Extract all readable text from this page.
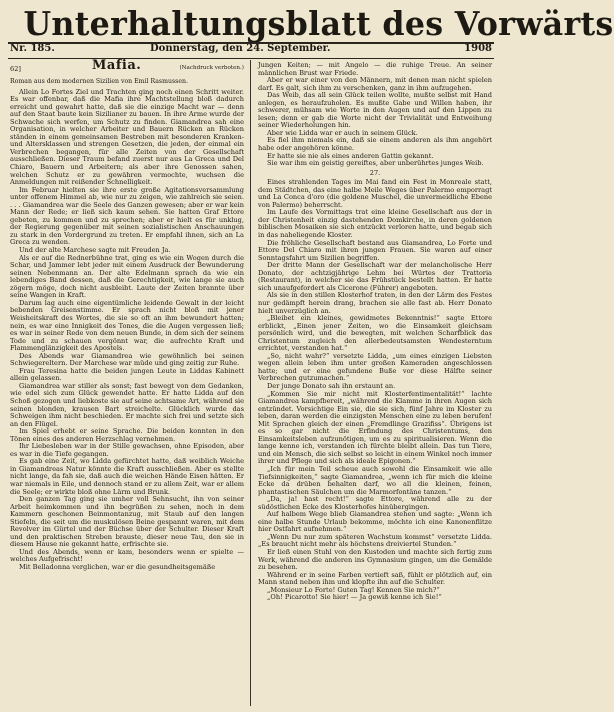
Unterhaltungsblatt des Vorwärts
Nr. 185.	Donnerstag, den 24. September.	1908
62]	Mafia.	(Nachdruck verboten.)
Roman aus dem modernen Sizilien von Emil Rasmussen.

Allein Lo Fortes Ziel und Trachten ging noch einen Schritt weiter. Es war offenbar, daß die Mafia ihre Machtstellung bloß dadurch erreicht und gewahrt hatte, daß sie die einzige Macht war — denn auf den Staat baute kein Sizilianer zu bauen. In ihre Arme wurde der Schwache sich werfen, um Schutz zu finden. Giamandrea sah eine Organisation, in welcher Arbeiter und Bauern Rücken an Rücken ständen in einem gemeinsamen Bestreben mit besonderen Kranken- und Altersklassen und strengen Gesetzen, die jeden, der einmal ein Verbrechen begangen, für alle Zeiten von der Gesellschaft ausschließen. Dieser Traum befand zuerst nur aus La Greca und Del Chiaro, Bauern und Arbeitern; als aber ihre Genossen sahen, welchen Schutz er zu gewähren vermochte, wuchsen die Anmeldungen mit reißender Schnelligkeit.

Im Februar hielten sie ihre erste große Agitationsversammlung unter offenem Himmel ab, wie nur zu zeigen, wie zahlreich sie seien. . . . Giamandrea war die Seele des Ganzen gewesen; aber er war kein Mann der Rede; er ließ sich kaum sehen. Sie hatten Graf Ettore gebeten, zu kommen und zu sprechen; aber er hielt es für unklug, der Regierung gegenüber mit seinen sozialistischen Anschauungen zu stark in den Vordergrund zu treten. Er empfahl ihnen, sich an La Greca zu wenden.

Und der alte Marchese sagte mit Freuden Ja.

Als er auf die Rednerbühne trat, ging es wie ein Wogen durch die Schar, und Jammer lebt jeder mit einem Ausdruck der Bewunderung seinen Nebenmann an. Der alte Edelmann sprach da wie ein lebendiges Band dessen, daß die Gerechtigkeit, wie lange sie auch zögern möge, doch nicht ausbleibt. Laute der Zeiten brannte über seine Wangen in Kraft.

Darum lag auch eine eigentümliche leidende Gewalt in der leicht bebenden Greisenstimme. Er sprach nicht bloß mit jener Weisheitskraft des Wortes, die sie so oft an ihm bewundert hatten; nein, es war eine Innigkeit des Tones, die die Augen vergessen ließ; es war in seiner Rede von dem neuen Bunde, in dem sich der seinem Tode und zu schauen vergönnt war, die aufrechte Kraft und Flammenglänzigkeit des Apostels.

Des Abends war Giamandrea wie gewöhnlich bei seinen Schwiegereltern. Der Marchese war müde und ging zeitig zur Ruhe.

Frau Teresina hatte die beiden jungen Leute in Liddas Kabinett allein gelassen.

Giamandrea war stiller als sonst; fast bewegt von dem Gedanken, wie edel sich zum Glück gewendet hatte. Er hatte Lidda auf den Schoß gezogen und liebkoste sie auf seine achtsame Art, während sie seinen blonden, krausen Bart streichelte. Glücklich wurde das Schweigen ihm nicht beschieden. Er machte sich frei und setzte sich an den Flügel.

Im Spiel erhebt er seine Sprache. Die beiden konnten in den Tönen eines des anderen Herzschlag vernehmen.

Ihr Liebesleben war in der Stille gewachsen, ohne Episoden, aber es war in die Tiefe gegangen.

Es gab eine Zeit, wo Lidda gefürchtet hatte, daß weiblich Weiche in Giamandreas Natur könnte die Kraft ausschließen. Aber es stellte nicht lange, da fah sie, daß auch die weichen Hände Eisen hätten. Er war niemals in Eile, und dennoch stand er zu allem Zeit, war er allem die Seele; er wirkte bloß ohne Lärm und Brunk.

Den ganzen Tag ging sie umher voll Sehnsucht, ihn von seiner Arbeit heimkommen und ihn begrüßen zu sehen, noch in dem Kammern geschonen Beinmontanzug, mit Staub auf den langen Stiefeln, die seit um die muskulösen Beine gespannt waren, mit dem Revolver im Gürtel und der Büchse über der Schulter. Dieser Kraft und den praktischen Streben brauste, dieser neue Tau, den sie in diesem Hause nie gekannt hatte, erfrischte sie.

Und des Abends, wenn er kam, besonders wenn er spielte — welches Aufgefrischt!

Mit Belladonna verglichen, war er die gesundheitsgemäße

Jungen Keiten; — mit Angelo — die ruhige Treue. An seiner männlichen Brust war Friede.

Aber er war einer von den Männern, mit denen man nicht spielen darf. Es galt, sich ihm zu verschenken, ganz in ihm aufzugehen.

Das Weib, das all sein Glück teilen wollte, mußte selbst mit Hand anlegen, es heraufzuholen. Es mußte Gabe und Willen haben, ihr schwerer, mühsam wie Worte in den Augen und auf den Lippen zu lesen; denn er gab die Worte nicht der Trivialität und Entweihung seiner Wiederholungen hin.

Aber wie Lidda war er auch in seinem Glück.

Es fiel ihm niemals ein, daß sie einem anderen als ihm angehört habe oder angehören könne.

Er hatte sie nie als eines anderen Gattin gekannt.

Sie war ihm ein geistig gereiftes, aber unberührtes junges Weib.

27.

Eines strahlenden Tages im Mai fand ein Fest in Monreale statt, dem Städtchen, das eine halbe Meile Weges über Palermo emporragt und La Conca d'oro (die goldene Muschel, die unvermeidliche Ebene von Palermo) beherrscht.

Im Laufe des Vormittags trat eine kleine Gesellschaft aus der in der Christenheit einzig dastehenden Domkirche, in deren goldenen biblischen Mosaiken sie sich entzückt verloren hatte, und begab sich in das naheliegende Kloster.

Die fröhliche Gesellschaft bestand aus Giamandrea, Lo Forte und Ettore Del Chiaro mit ihren jungen Frauen. Sie waren auf einer Sonntagsfahrt um Sizilien begriffen.

Der dritte Mann der Gesellschaft war der melancholische Herr Donato, der achtzigjährige Lehm bei Würtes der Trattoria (Restaurant), in welcher sie das Frühstück bestellt hatten. Er hatte sich unaufgefordert als Cicerone (Führer) angeboten.

Als sie in den stillen Klosterhof traten, in den der Lärm des Festes nur gedämpft herein drang, brachen sie alle fast ab. Herr Donato hielt unverzüglich an.

„Bleibet ein kleines, gewidmetes Bekenntnis!“ sagte Ettore erblickt, „Einen jener Zeiten, wo die Einsamkeit gleichsam persönlich wird, und die bewegten, mit welchen Scharfblick das Christentum zugleich den allerbedeutsamsten Wendesterntum errichtet, verstanden hat.“

„So, nicht wahr?“ versetzte Lidda, „um eines einzigen Liebsten wegen allein leben ihm unter großen Kameraden angeschlossen hatte; und er eine gefundene Buße vor diese Hälfte seiner Verbrechen gutzumachen.“

Der junge Donato sah ihn erstaunt an.

„Kommen Sie mir nicht mit Klosterfentimentalität!“ lachte Giamandrea kampfbereit, „während die Klamme in ihren Augen sich entzündet. Vorsichtige Ein sie, die sie sich, fünf Jahre im Kloster zu leben, daran werden die einzigsten Menschen eine zu leben berufen! Mit Sprachen gleich der einen „Fremdlinge Grazifiss“. Übrigens ist es so gar nicht die Erfindung des Christentums, den Einsamkeitsleben aufzunötigen, um es zu spiritualisieren. Wenn die lange kenne ich, verstanden ich fürchte bleibt allein. Das tun Tiere, und ein Mensch, die sich selbst so leicht in einem Winkel noch immer ihrer und Pflege und sich als ideale Epigonen.“

„Ich für mein Teil scheue auch sowohl die Einsamkeit wie alle Tiefsinnigkeiten,“ sagte Giamandrea, „wenn ich für mich die kleine Ecke da drüben behalten darf, wo all die kleinen, feinen, phantastischen Säulchen um die Marmorfontäne tanzen.“

„Da, ja! hast recht!“ sagte Ettore, während alle zu der südöstlichen Ecke des Klosterhofes hinübergingen.

Auf halbem Wege blieb Giamandrea stehen und sagte: „Wenn ich eine halbe Stunde Urlaub bekomme, möchte ich eine Kanonenflitze hier Ostfahrt aufnehmen.“

„Wenn Du nur zum späteren Wachstum kommst“ versetzte Lidda. „Es braucht nicht mehr als höchstens dreiviertel Stunden.“

Er ließ einen Stuhl von den Kustoden und machte sich fertig zum Werk, während die anderen ins Gymnasium gingen, um die Gemälde zu besehen.

Während er in seine Farben vertieft saß, fühlt er plötzlich auf, ein Mann stand neben ihm und klopfte ihn auf die Schulter.

„Monsieur Lo Forte! Guten Tag! Kennen Sie mich?“

„Oh! Picarotto! Sie hier! — Ja gewiß kenne ich Sie!“
